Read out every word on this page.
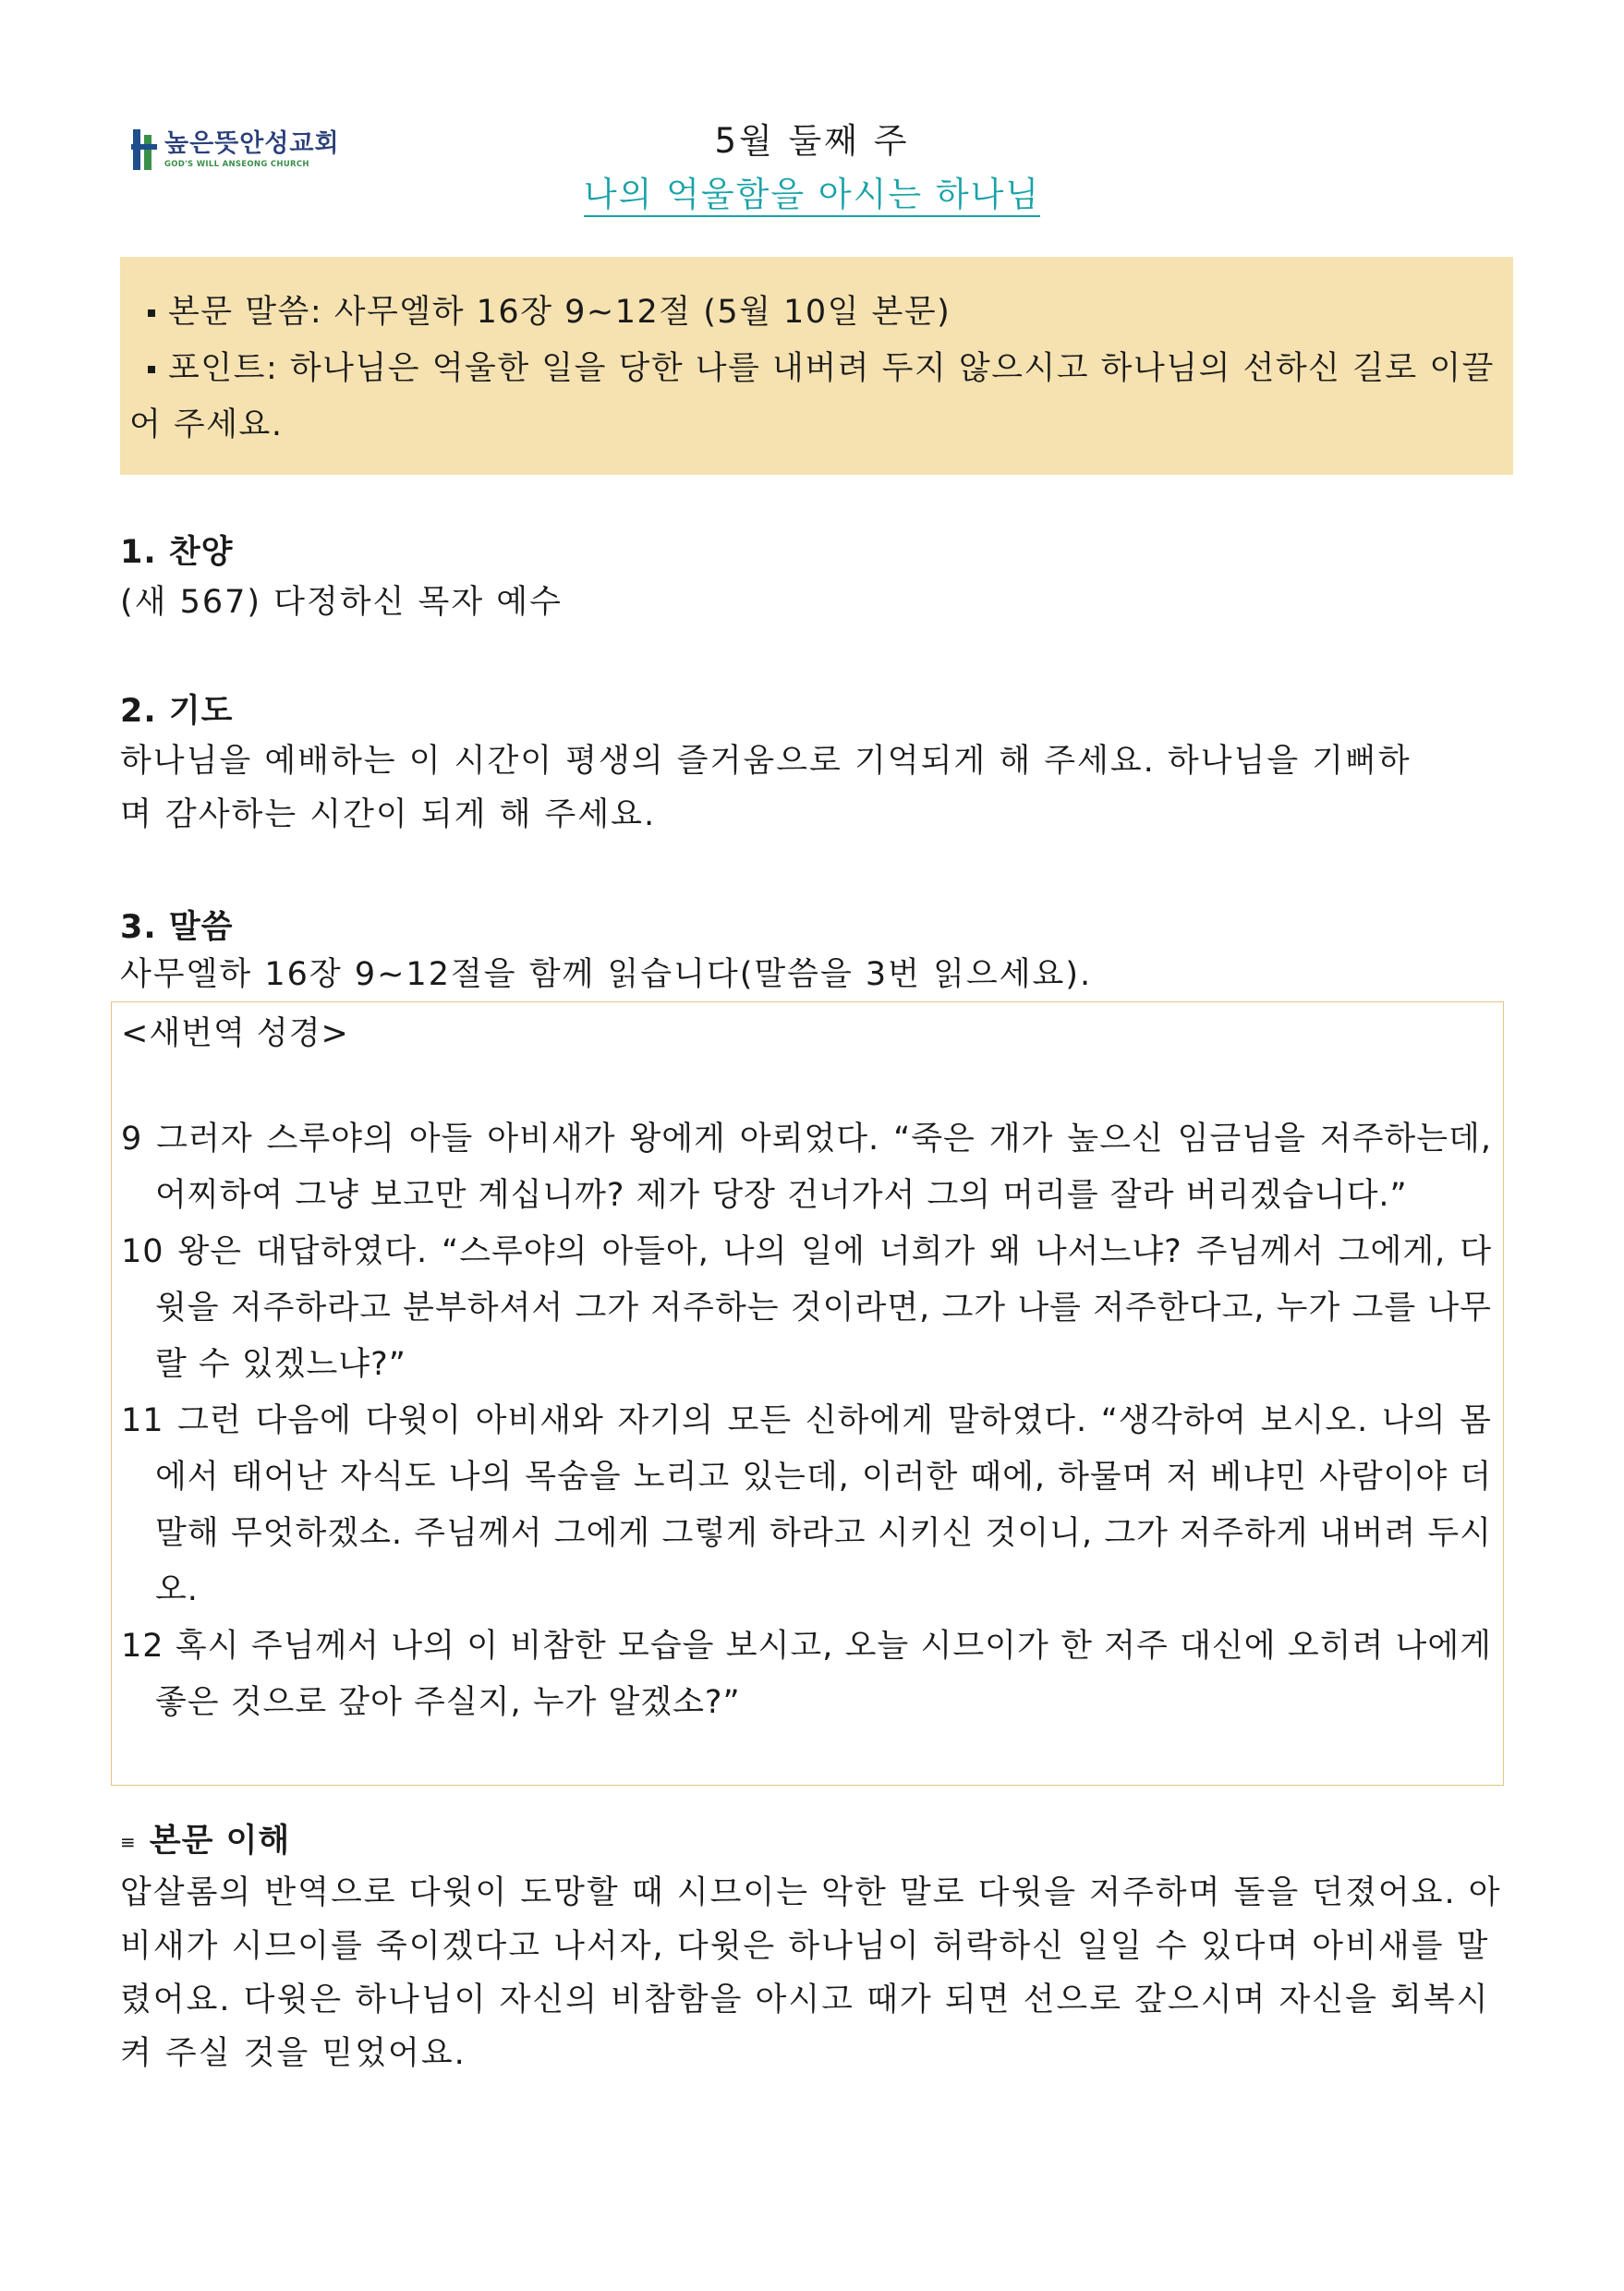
높은뜻안성교회
GOD'S WILL ANSEONG CHURCH
5월 둘째 주
나의 억울함을 아시는 하나님
본문 말씀: 사무엘하 16장 9~12절 (5월 10일 본문)
포인트: 하나님은 억울한 일을 당한 나를 내버려 두지 않으시고 하나님의 선하신 길로 이끌어 주세요.
1. 찬양
(새 567) 다정하신 목자 예수
2. 기도
하나님을 예배하는 이 시간이 평생의 즐거움으로 기억되게 해 주세요. 하나님을 기뻐하며 감사하는 시간이 되게 해 주세요.
3. 말씀
사무엘하 16장 9~12절을 함께 읽습니다(말씀을 3번 읽으세요).
<새번역 성경>
9 그러자 스루야의 아들 아비새가 왕에게 아뢰었다. “죽은 개가 높으신 임금님을 저주하는데, 어찌하여 그냥 보고만 계십니까? 제가 당장 건너가서 그의 머리를 잘라 버리겠습니다.”
10 왕은 대답하였다. “스루야의 아들아, 나의 일에 너희가 왜 나서느냐? 주님께서 그에게, 다윗을 저주하라고 분부하셔서 그가 저주하는 것이라면, 그가 나를 저주한다고, 누가 그를 나무랄 수 있겠느냐?”
11 그런 다음에 다윗이 아비새와 자기의 모든 신하에게 말하였다. “생각하여 보시오. 나의 몸에서 태어난 자식도 나의 목숨을 노리고 있는데, 이러한 때에, 하물며 저 베냐민 사람이야 더 말해 무엇하겠소. 주님께서 그에게 그렇게 하라고 시키신 것이니, 그가 저주하게 내버려 두시오.
12 혹시 주님께서 나의 이 비참한 모습을 보시고, 오늘 시므이가 한 저주 대신에 오히려 나에게 좋은 것으로 갚아 주실지, 누가 알겠소?”
≡ 본문 이해
압살롬의 반역으로 다윗이 도망할 때 시므이는 악한 말로 다윗을 저주하며 돌을 던졌어요. 아비새가 시므이를 죽이겠다고 나서자, 다윗은 하나님이 허락하신 일일 수 있다며 아비새를 말렸어요. 다윗은 하나님이 자신의 비참함을 아시고 때가 되면 선으로 갚으시며 자신을 회복시켜 주실 것을 믿었어요.
